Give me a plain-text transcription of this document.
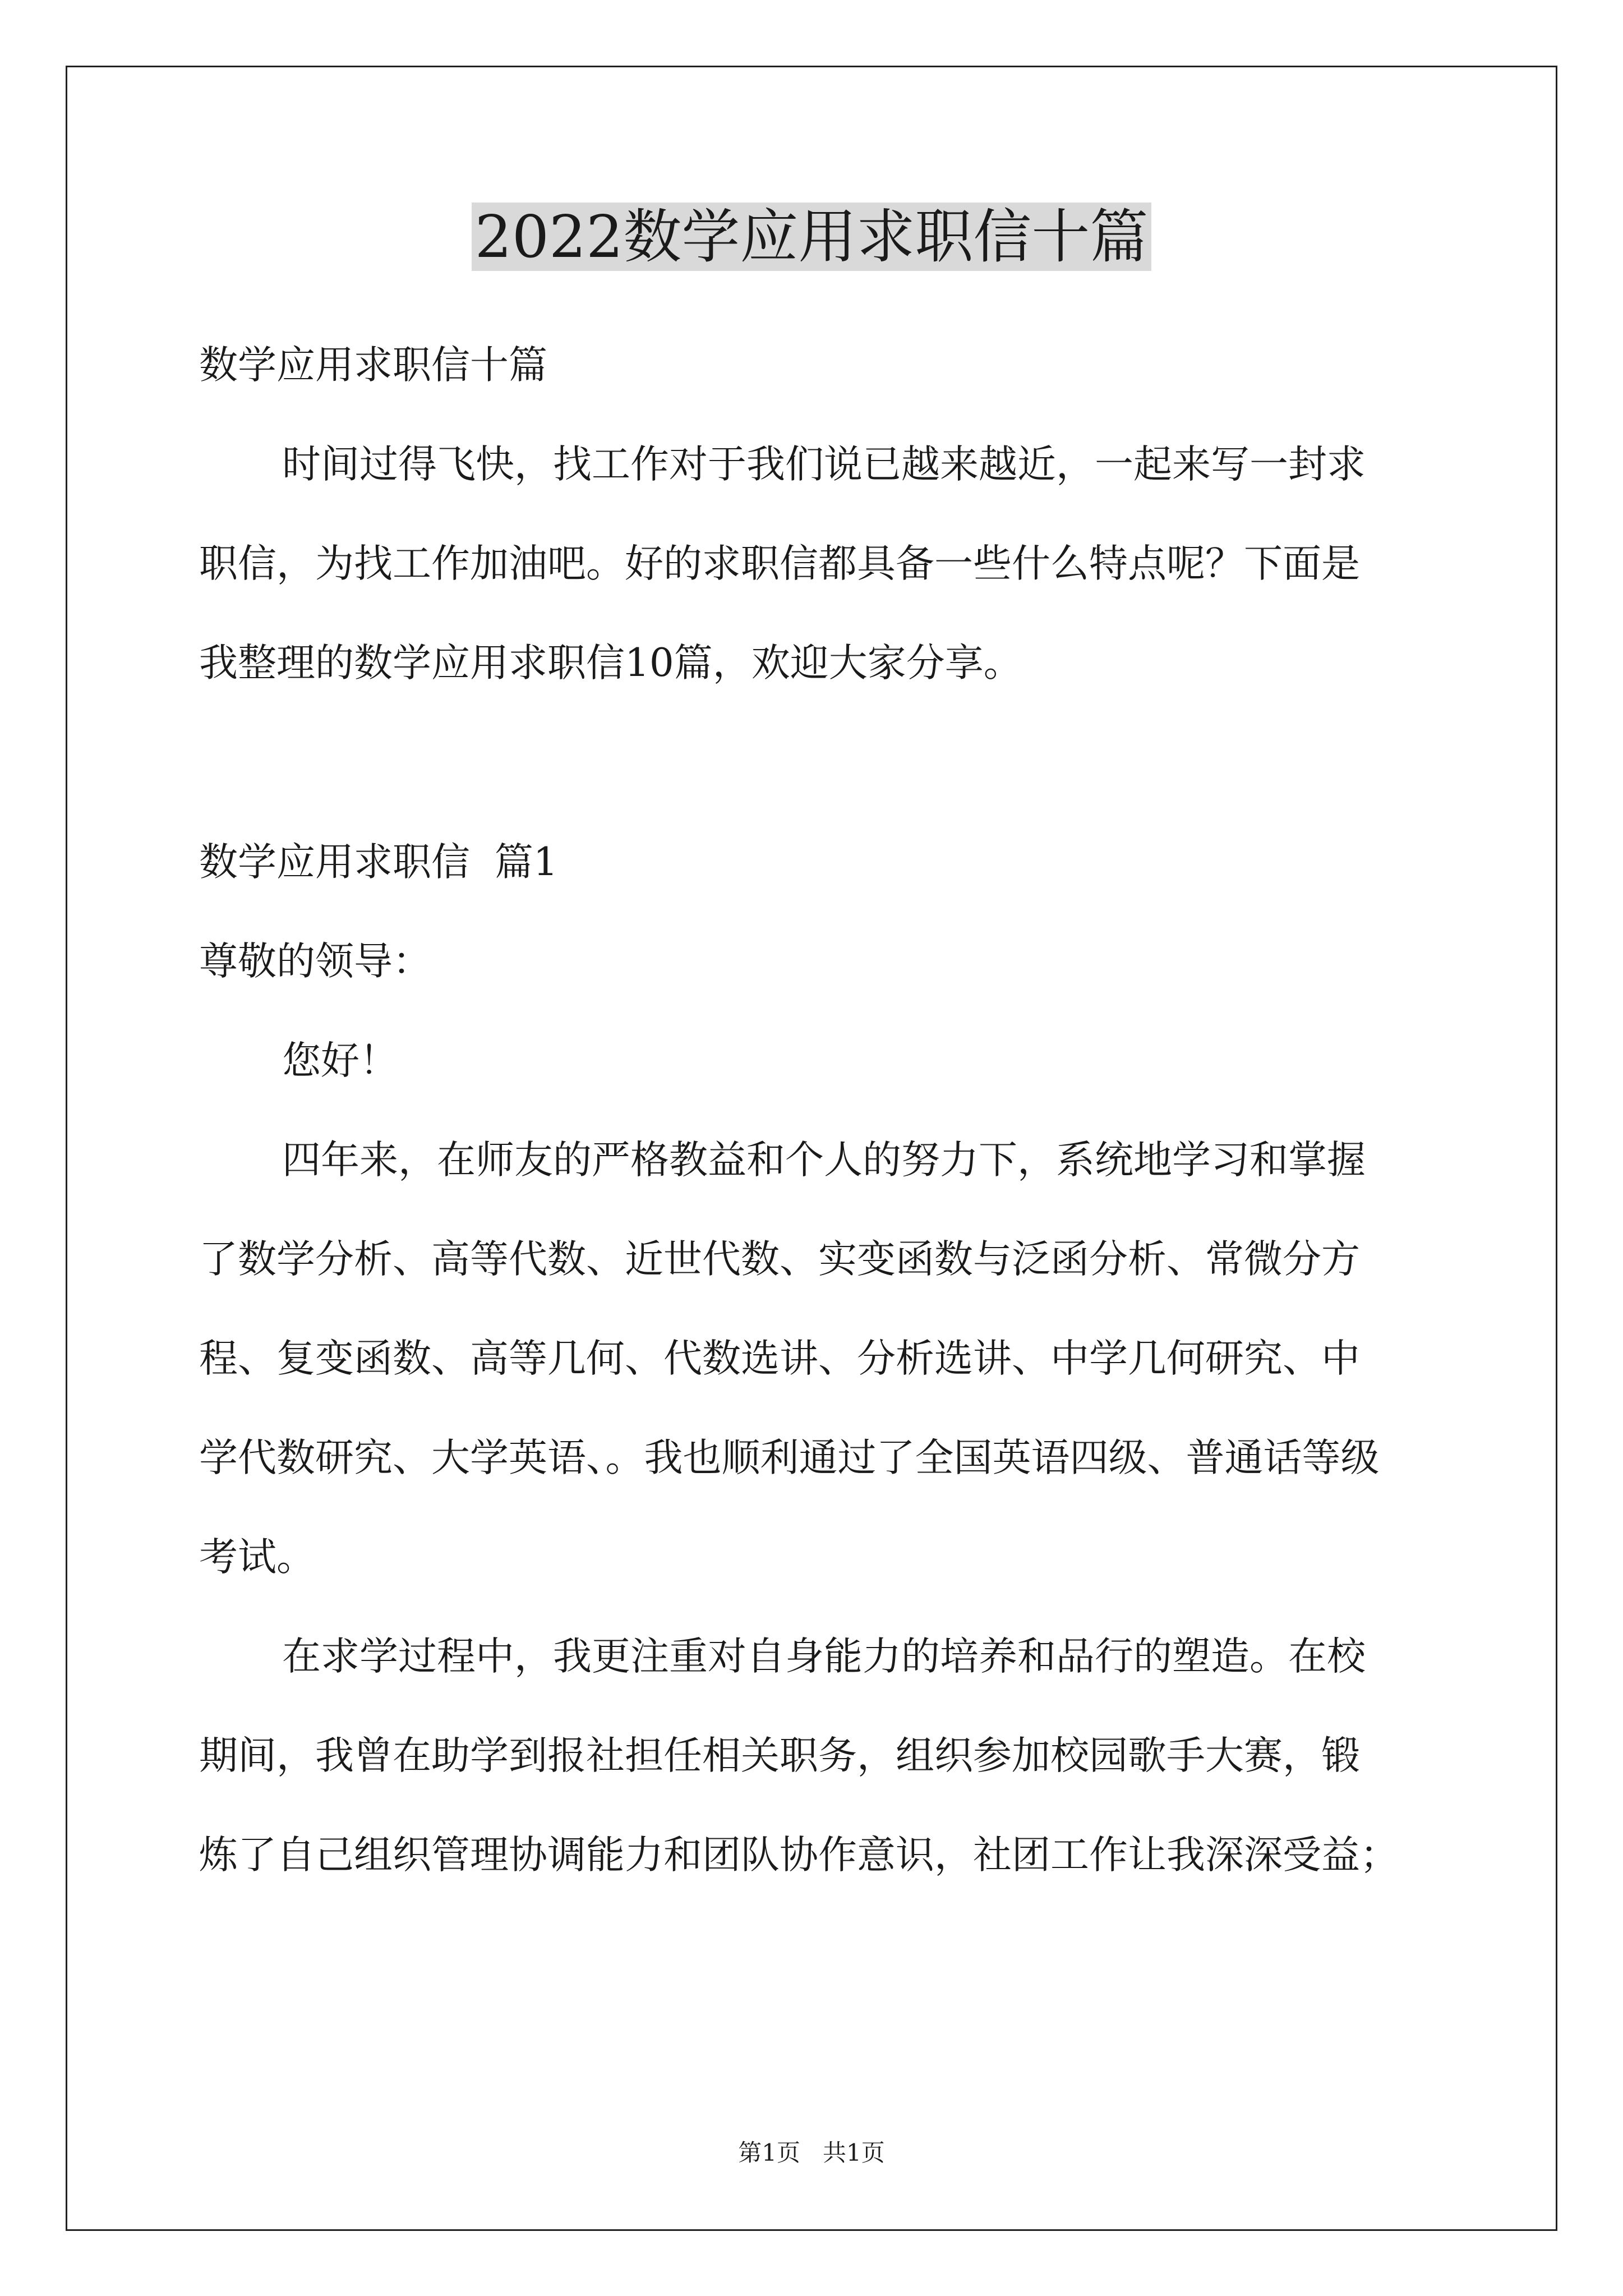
2022数学应用求职信十篇
数学应用求职信十篇
时间过得飞快，找工作对于我们说已越来越近，一起来写一封求
职信，为找工作加油吧。好的求职信都具备一些什么特点呢？下面是
我整理的数学应用求职信10篇，欢迎大家分享。
数学应用求职信  篇1
尊敬的领导：
您好！
四年来，在师友的严格教益和个人的努力下，系统地学习和掌握
了数学分析、高等代数、近世代数、实变函数与泛函分析、常微分方
程、复变函数、高等几何、代数选讲、分析选讲、中学几何研究、中
学代数研究、大学英语、。我也顺利通过了全国英语四级、普通话等级
考试。
在求学过程中，我更注重对自身能力的培养和品行的塑造。在校
期间，我曾在助学到报社担任相关职务，组织参加校园歌手大赛，锻
炼了自己组织管理协调能力和团队协作意识，社团工作让我深深受益；
第1页   共1页
